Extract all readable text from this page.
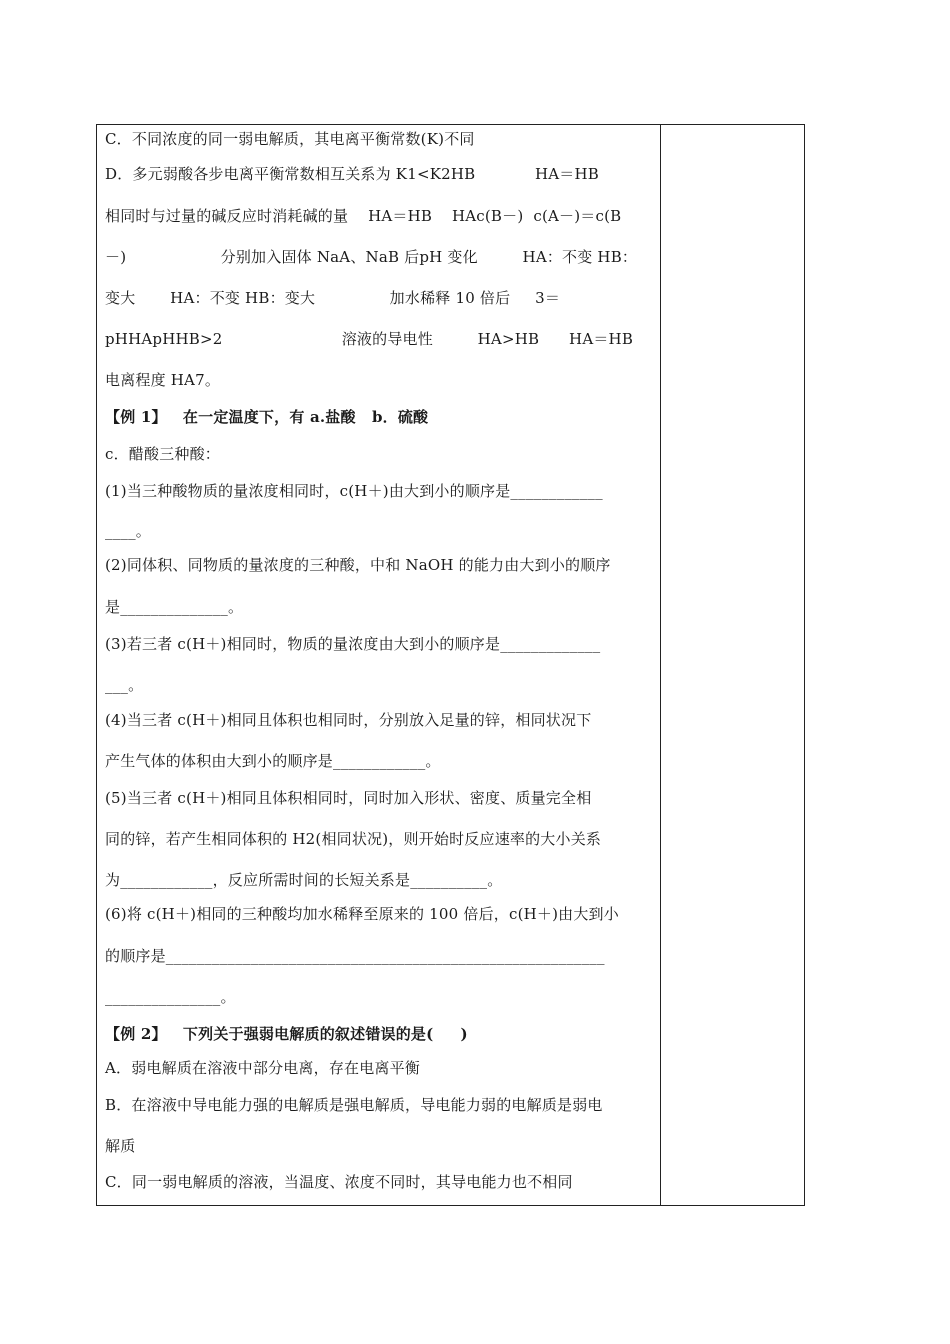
C．不同浓度的同一弱电解质，其电离平衡常数(K)不同
D．多元弱酸各步电离平衡常数相互关系为 K1<K2HB            HA＝HB
相同时与过量的碱反应时消耗碱的量    HA＝HB    HAc(B－)  c(A－)＝c(B
－)                   分别加入固体 NaA、NaB 后pH 变化         HA：不变 HB：
变大       HA：不变 HB：变大               加水稀释 10 倍后     3＝
pHHApHHB>2                        溶液的导电性         HA>HB      HA＝HB
电离程度 HA7。
【例 1】   在一定温度下，有 a.盐酸   b．硫酸
c．醋酸三种酸：
(1)当三种酸物质的量浓度相同时，c(H＋)由大到小的顺序是____________
____。
(2)同体积、同物质的量浓度的三种酸，中和 NaOH 的能力由大到小的顺序
是______________。
(3)若三者 c(H＋)相同时，物质的量浓度由大到小的顺序是_____________
___。
(4)当三者 c(H＋)相同且体积也相同时，分别放入足量的锌，相同状况下
产生气体的体积由大到小的顺序是____________。
(5)当三者 c(H＋)相同且体积相同时，同时加入形状、密度、质量完全相
同的锌，若产生相同体积的 H2(相同状况)，则开始时反应速率的大小关系
为____________，反应所需时间的长短关系是__________。
(6)将 c(H＋)相同的三种酸均加水稀释至原来的 100 倍后，c(H＋)由大到小
的顺序是_________________________________________________________
_______________。
【例 2】   下列关于强弱电解质的叙述错误的是(     )
A．弱电解质在溶液中部分电离，存在电离平衡
B．在溶液中导电能力强的电解质是强电解质，导电能力弱的电解质是弱电
解质
C．同一弱电解质的溶液，当温度、浓度不同时，其导电能力也不相同
